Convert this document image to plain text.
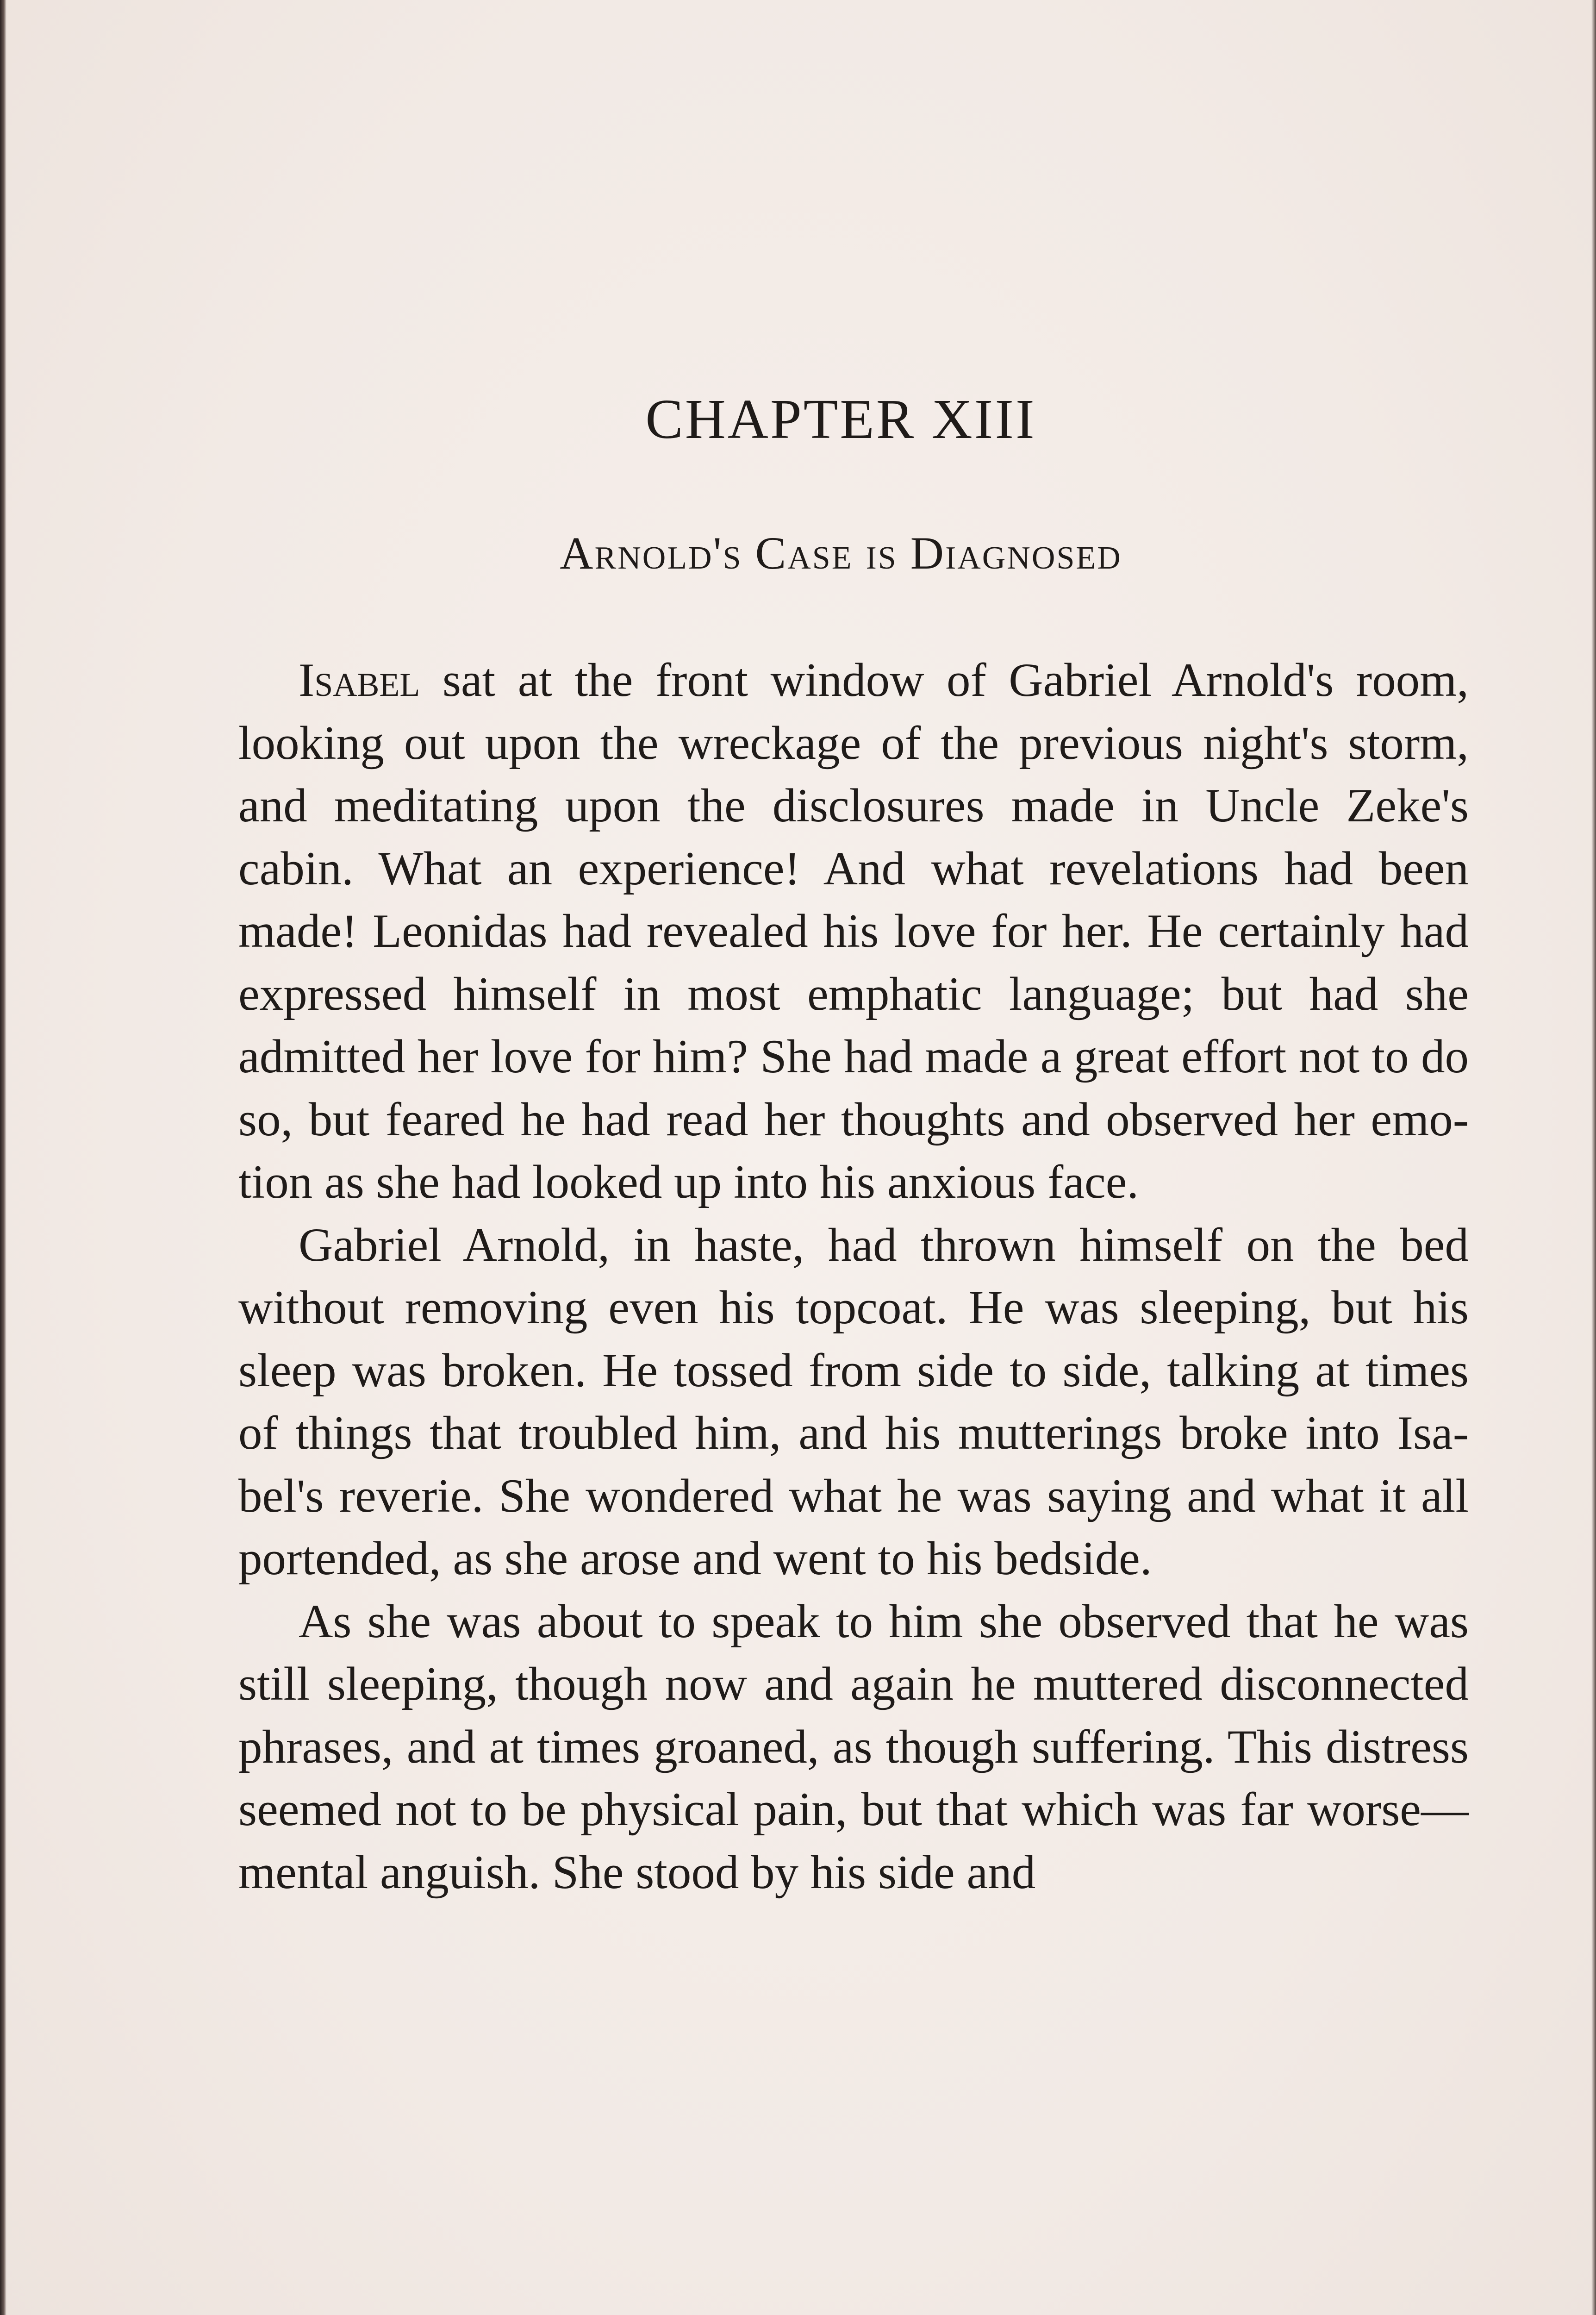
CHAPTER XIII
Arnold's Case is Diagnosed

Isabel sat at the front window of Gabriel Arnold's room, looking out upon the wreckage of the previous night's storm, and meditating upon the disclosures made in Uncle Zeke's cabin. What an experience! And what revelations had been made! Leonidas had revealed his love for her. He certainly had expressed himself in most emphatic language; but had she admitted her love for him? She had made a great effort not to do so, but feared he had read her thoughts and observed her emotion as she had looked up into his anxious face.

Gabriel Arnold, in haste, had thrown himself on the bed without removing even his topcoat. He was sleeping, but his sleep was broken. He tossed from side to side, talking at times of things that troubled him, and his mutterings broke into Isabel's reverie. She wondered what he was saying and what it all portended, as she arose and went to his bedside.

As she was about to speak to him she observed that he was still sleeping, though now and again he muttered disconnected phrases, and at times groaned, as though suffering. This distress seemed not to be physical pain, but that which was far worse—mental anguish. She stood by his side and
